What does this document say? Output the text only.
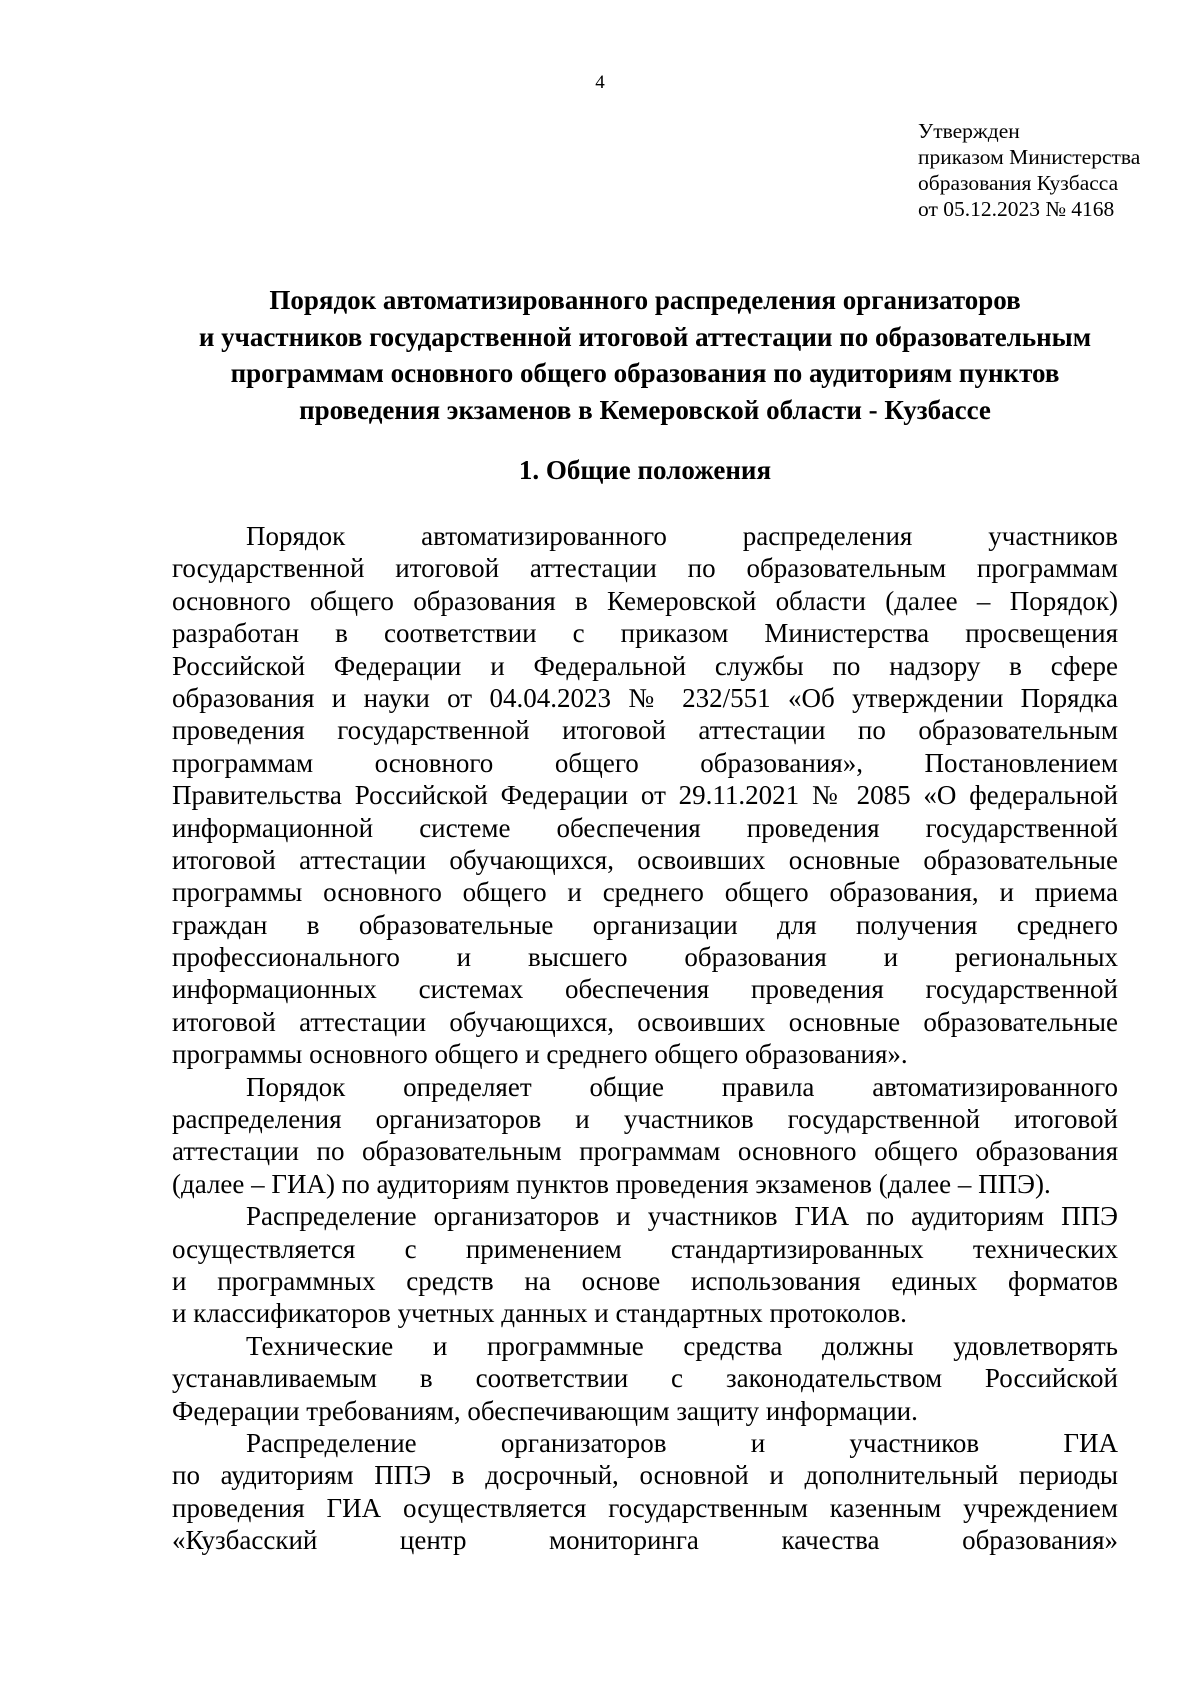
4
Утвержден
приказом Министерства
образования Кузбасса
от 05.12.2023 № 4168
Порядок автоматизированного распределения организаторов
и участников государственной итоговой аттестации по образовательным
программам основного общего образования по аудиториям пунктов
проведения экзаменов в Кемеровской области - Кузбассе
1. Общие положения
Порядок автоматизированного распределения участников
государственной итоговой аттестации по образовательным программам
основного общего образования в Кемеровской области (далее – Порядок)
разработан в соответствии с приказом Министерства просвещения
Российской Федерации и Федеральной службы по надзору в сфере
образования и науки от 04.04.2023 № 232/551 «Об утверждении Порядка
проведения государственной итоговой аттестации по образовательным
программам основного общего образования», Постановлением
Правительства Российской Федерации от 29.11.2021 № 2085 «О федеральной
информационной системе обеспечения проведения государственной
итоговой аттестации обучающихся, освоивших основные образовательные
программы основного общего и среднего общего образования, и приема
граждан в образовательные организации для получения среднего
профессионального и высшего образования и региональных
информационных системах обеспечения проведения государственной
итоговой аттестации обучающихся, освоивших основные образовательные
программы основного общего и среднего общего образования».
Порядок определяет общие правила автоматизированного
распределения организаторов и участников государственной итоговой
аттестации по образовательным программам основного общего образования
(далее – ГИА) по аудиториям пунктов проведения экзаменов (далее – ППЭ).
Распределение организаторов и участников ГИА по аудиториям ППЭ
осуществляется с применением стандартизированных технических
и программных средств на основе использования единых форматов
и классификаторов учетных данных и стандартных протоколов.
Технические и программные средства должны удовлетворять
устанавливаемым в соответствии с законодательством Российской
Федерации требованиям, обеспечивающим защиту информации.
Распределение организаторов и участников ГИА
по аудиториям ППЭ в досрочный, основной и дополнительный периоды
проведения ГИА осуществляется государственным казенным учреждением
«Кузбасский центр мониторинга качества образования»
